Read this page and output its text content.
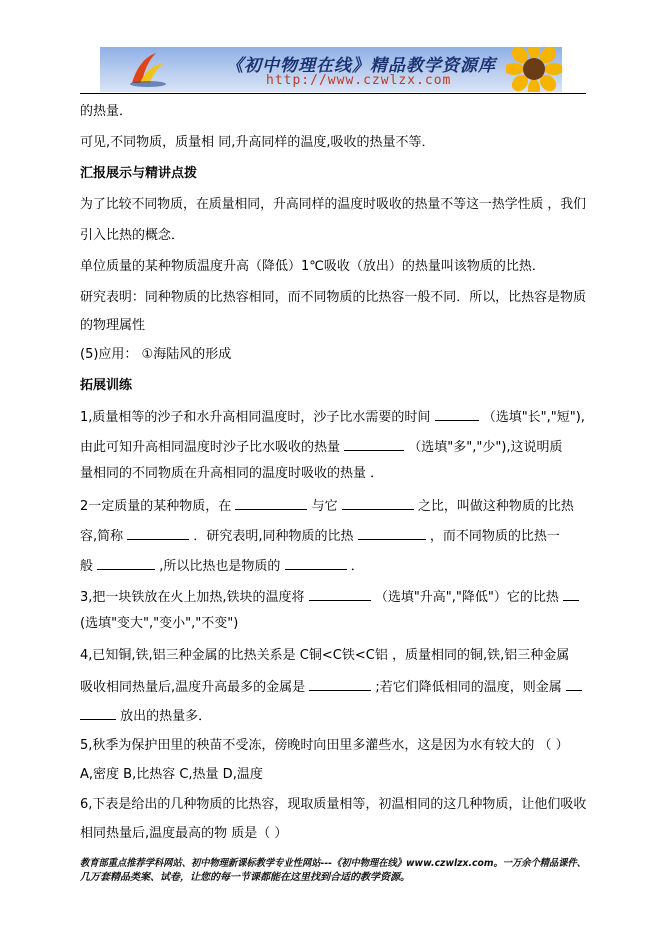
《初中物理在线》精品教学资源库
http://www.czwlzx.com
的热量．
可见,不同物质，质量相 同,升高同样的温度,吸收的热量不等．
汇报展示与精讲点拨
为了比较不同物质，在质量相同，升高同样的温度时吸收的热量不等这一热学性质 ，我们
引入比热的概念．
单位质量的某种物质温度升高（降低）1℃吸收（放出）的热量叫该物质的比热．
研究表明：同种物质的比热容相同，而不同物质的比热容一般不同．所以，比热容是物质
的物理属性
(5)应用： ①海陆风的形成
拓展训练
1,质量相等的沙子和水升高相同温度时，沙子比水需要的时间	（选填"长","短"),
由此可知升高相同温度时沙子比水吸收的热量	（选填"多","少"),这说明质
量相同的不同物质在升高相同的温度时吸收的热量 ．
2一定质量的某种物质，在	与它	之比，叫做这种物质的比热
容,简称	．研究表明,同种物质的比热	，而不同物质的比热一
般	,所以比热也是物质的	．
3,把一块铁放在火上加热,铁块的温度将	（选填"升高","降低"）它的比热
(选填"变大","变小","不变")
4,已知铜,铁,铝三种金属的比热关系是 C铜<C铁<C铝 ，质量相同的铜,铁,铝三种金属
吸收相同热量后,温度升高最多的金属是	;若它们降低相同的温度，则金属
放出的热量多．
5,秋季为保护田里的秧苗不受冻，傍晚时向田里多灌些水，这是因为水有较大的 （ ）
A,密度 B,比热容 C,热量 D,温度
6,下表是给出的几种物质的比热容，现取质量相等，初温相同的这几种物质，让他们吸收
相同热量后,温度最高的物 质是（ ）
教育部重点推荐学科网站、初中物理新课标教学专业性网站---《初中物理在线》www.czwlzx.com。一万余个精品课件、
几万套精品类案、试卷，让您的每一节课都能在这里找到合适的教学资源。
